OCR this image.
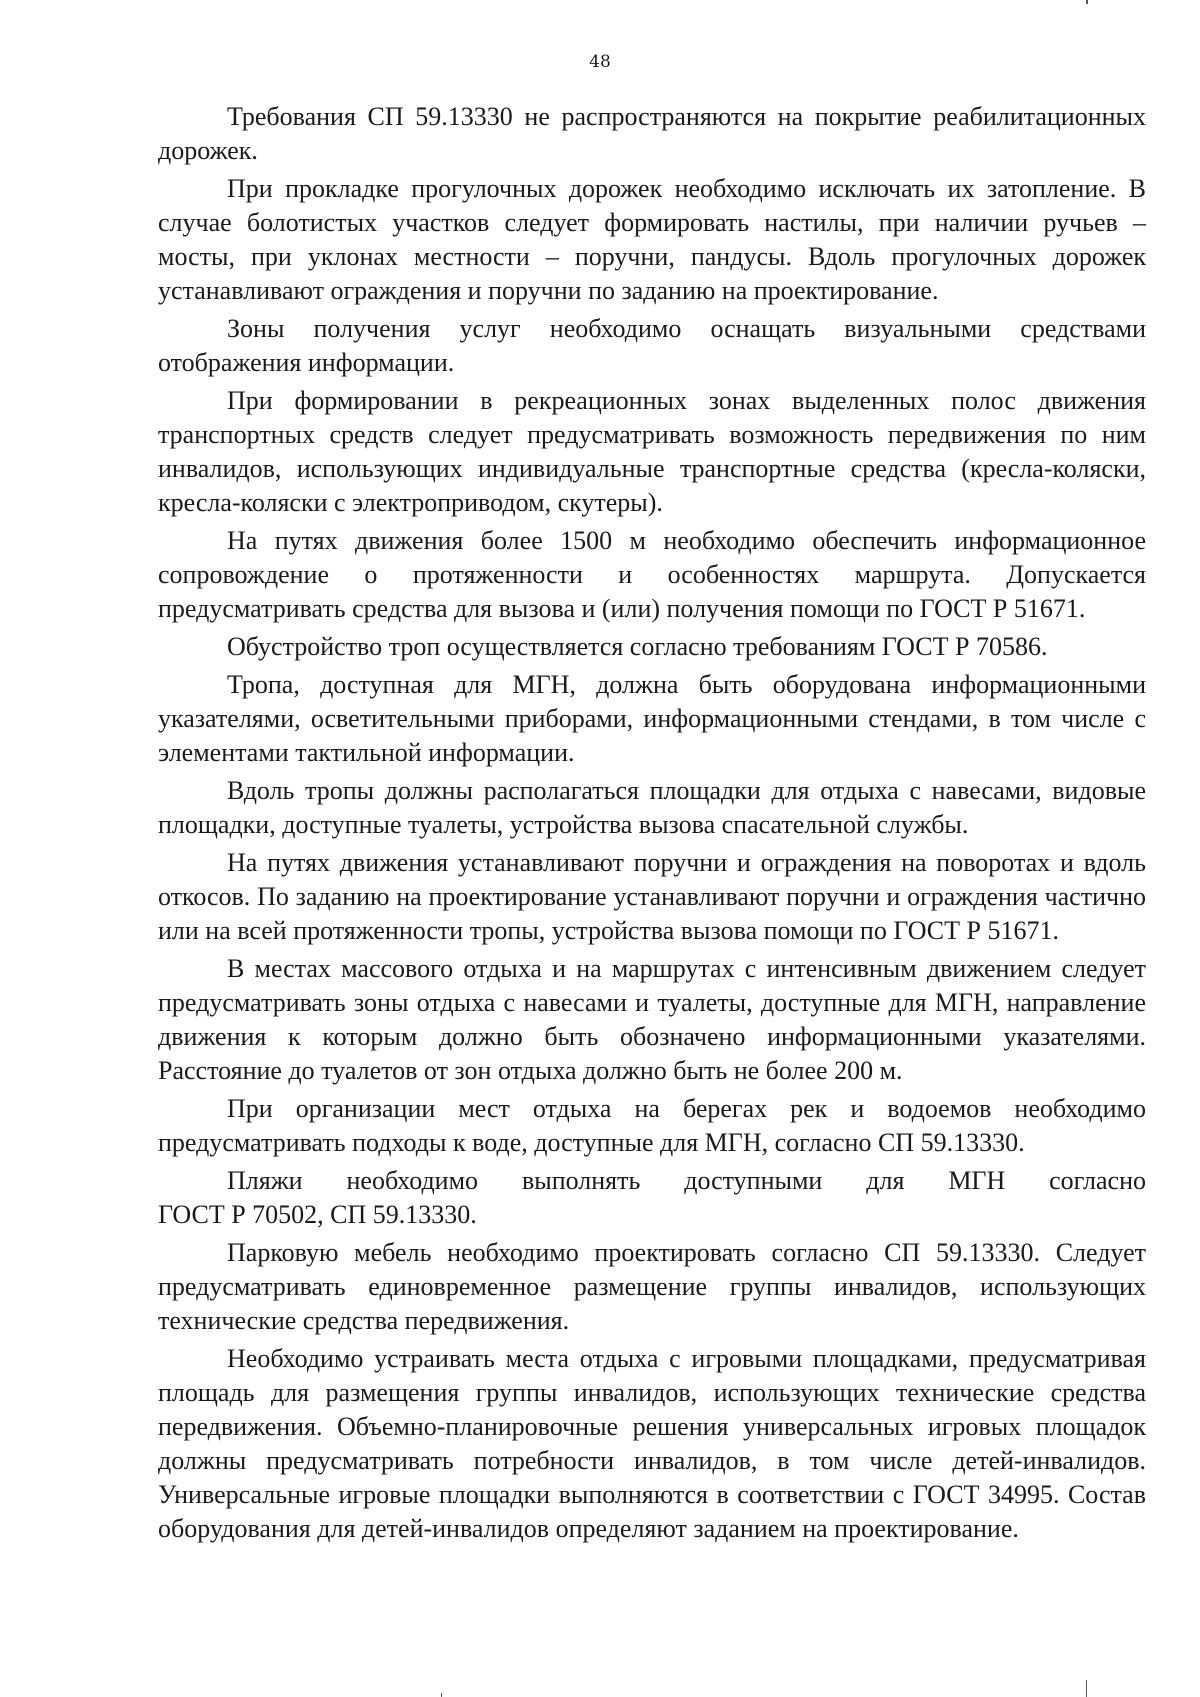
48

Требования СП 59.13330 не распространяются на покрытие реабилитационных дорожек.

При прокладке прогулочных дорожек необходимо исключать их затопление. В случае болотистых участков следует формировать настилы, при наличии ручьев – мосты, при уклонах местности – поручни, пандусы. Вдоль прогулочных дорожек устанавливают ограждения и поручни по заданию на проектирование.

Зоны получения услуг необходимо оснащать визуальными средствами отображения информации.

При формировании в рекреационных зонах выделенных полос движения транспортных средств следует предусматривать возможность передвижения по ним инвалидов, использующих индивидуальные транспортные средства (кресла-коляски, кресла-коляски с электроприводом, скутеры).

На путях движения более 1500 м необходимо обеспечить информационное сопровождение о протяженности и особенностях маршрута. Допускается предусматривать средства для вызова и (или) получения помощи по ГОСТ Р 51671.

Обустройство троп осуществляется согласно требованиям ГОСТ Р 70586.

Тропа, доступная для МГН, должна быть оборудована информационными указателями, осветительными приборами, информационными стендами, в том числе с элементами тактильной информации.

Вдоль тропы должны располагаться площадки для отдыха с навесами, видовые площадки, доступные туалеты, устройства вызова спасательной службы.

На путях движения устанавливают поручни и ограждения на поворотах и вдоль откосов. По заданию на проектирование устанавливают поручни и ограждения частично или на всей протяженности тропы, устройства вызова помощи по ГОСТ Р 51671.

В местах массового отдыха и на маршрутах с интенсивным движением следует предусматривать зоны отдыха с навесами и туалеты, доступные для МГН, направление движения к которым должно быть обозначено информационными указателями. Расстояние до туалетов от зон отдыха должно быть не более 200 м.

При организации мест отдыха на берегах рек и водоемов необходимо предусматривать подходы к воде, доступные для МГН, согласно СП 59.13330.

Пляжи необходимо выполнять доступными для МГН согласно

ГОСТ Р 70502, СП 59.13330.

Парковую мебель необходимо проектировать согласно СП 59.13330. Следует предусматривать единовременное размещение группы инвалидов, использующих технические средства передвижения.

Необходимо устраивать места отдыха с игровыми площадками, предусматривая площадь для размещения группы инвалидов, использующих технические средства передвижения. Объемно-планировочные решения универсальных игровых площадок должны предусматривать потребности инвалидов, в том числе детей-инвалидов. Универсальные игровые площадки выполняются в соответствии с ГОСТ 34995. Состав оборудования для детей-инвалидов определяют заданием на проектирование.
